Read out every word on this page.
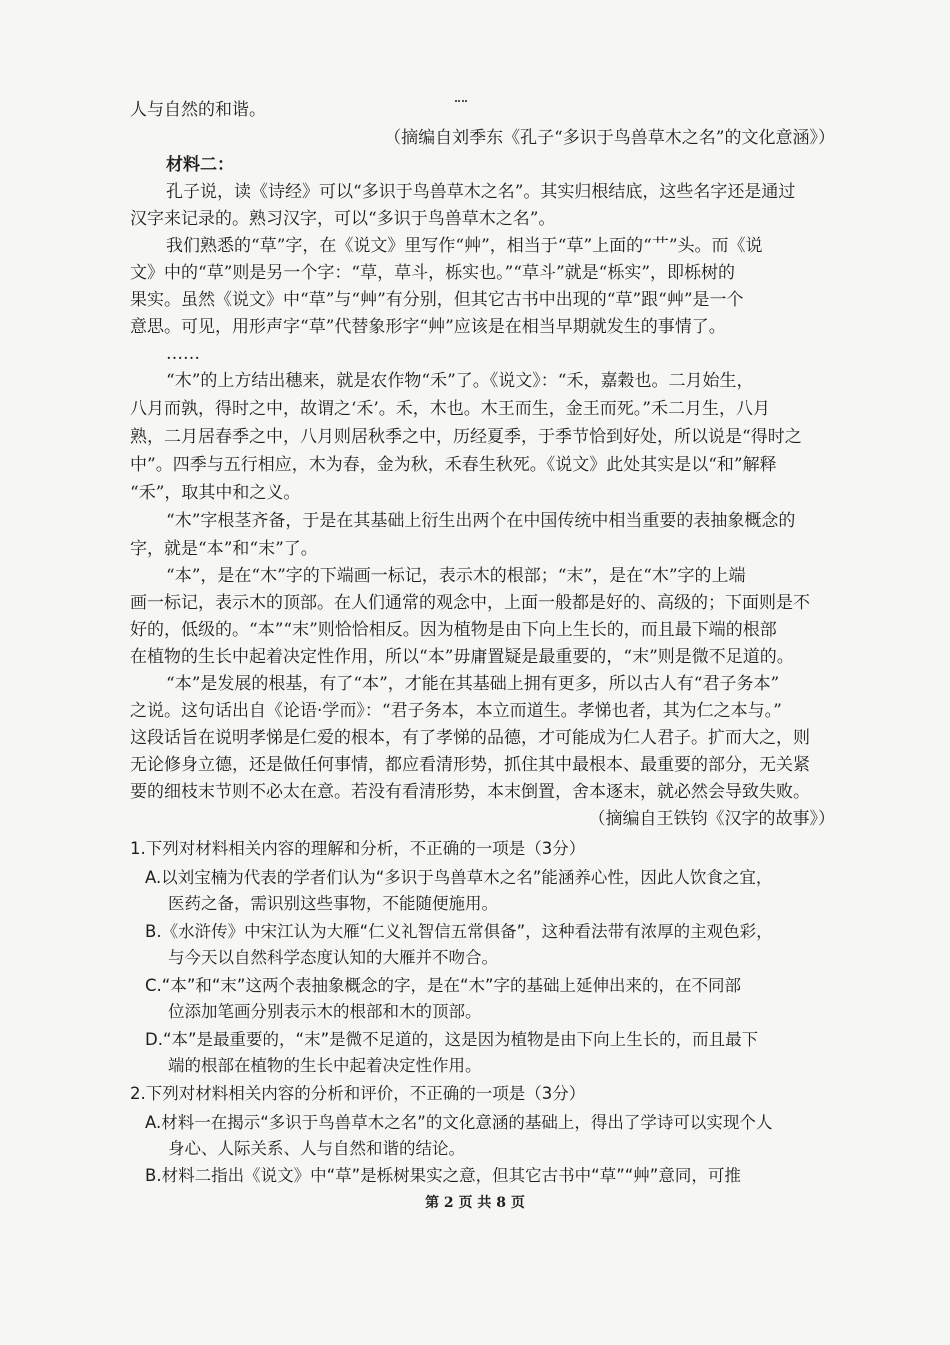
人与自然的和谐。
（摘编自刘季东《孔子“多识于鸟兽草木之名”的文化意涵》）
材料二：
孔子说，读《诗经》可以“多识于鸟兽草木之名”。其实归根结底，这些名字还是通过
汉字来记录的。熟习汉字，可以“多识于鸟兽草木之名”。
我们熟悉的“草”字，在《说文》里写作“艸”，相当于“草”上面的“艹”头。而《说
文》中的“草”则是另一个字：“草，草斗，栎实也。”“草斗”就是“栎实”，即栎树的
果实。虽然《说文》中“草”与“艸”有分别，但其它古书中出现的“草”跟“艸”是一个
意思。可见，用形声字“草”代替象形字“艸”应该是在相当早期就发生的事情了。
……
“木”的上方结出穗来，就是农作物“禾”了。《说文》：“禾，嘉穀也。二月始生，
八月而孰，得时之中，故谓之‘禾’。禾，木也。木王而生，金王而死。”禾二月生，八月
熟，二月居春季之中，八月则居秋季之中，历经夏季，于季节恰到好处，所以说是“得时之
中”。四季与五行相应，木为春，金为秋，禾春生秋死。《说文》此处其实是以“和”解释
“禾”，取其中和之义。
“木”字根茎齐备，于是在其基础上衍生出两个在中国传统中相当重要的表抽象概念的
字，就是“本”和“末”了。
“本”，是在“木”字的下端画一标记，表示木的根部；“末”，是在“木”字的上端
画一标记，表示木的顶部。在人们通常的观念中，上面一般都是好的、高级的；下面则是不
好的，低级的。“本”“末”则恰恰相反。因为植物是由下向上生长的，而且最下端的根部
在植物的生长中起着决定性作用，所以“本”毋庸置疑是最重要的，“末”则是微不足道的。
“本”是发展的根基，有了“本”，才能在其基础上拥有更多，所以古人有“君子务本”
之说。这句话出自《论语·学而》：“君子务本，本立而道生。孝悌也者，其为仁之本与。”
这段话旨在说明孝悌是仁爱的根本，有了孝悌的品德，才可能成为仁人君子。扩而大之，则
无论修身立德，还是做任何事情，都应看清形势，抓住其中最根本、最重要的部分，无关紧
要的细枝末节则不必太在意。若没有看清形势，本末倒置，舍本逐末，就必然会导致失败。
（摘编自王铁钧《汉字的故事》）
1.下列对材料相关内容的理解和分析，不正确的一项是（3分）
A.以刘宝楠为代表的学者们认为“多识于鸟兽草木之名”能涵养心性，因此人饮食之宜，
医药之备，需识别这些事物，不能随便施用。
B.《水浒传》中宋江认为大雁“仁义礼智信五常俱备”，这种看法带有浓厚的主观色彩，
与今天以自然科学态度认知的大雁并不吻合。
C.“本”和“末”这两个表抽象概念的字，是在“木”字的基础上延伸出来的，在不同部
位添加笔画分别表示木的根部和木的顶部。
D.“本”是最重要的，“末”是微不足道的，这是因为植物是由下向上生长的，而且最下
端的根部在植物的生长中起着决定性作用。
2.下列对材料相关内容的分析和评价，不正确的一项是（3分）
A.材料一在揭示“多识于鸟兽草木之名”的文化意涵的基础上，得出了学诗可以实现个人
身心、人际关系、人与自然和谐的结论。
B.材料二指出《说文》中“草”是栎树果实之意，但其它古书中“草”“艸”意同，可推
第 2 页 共 8 页
